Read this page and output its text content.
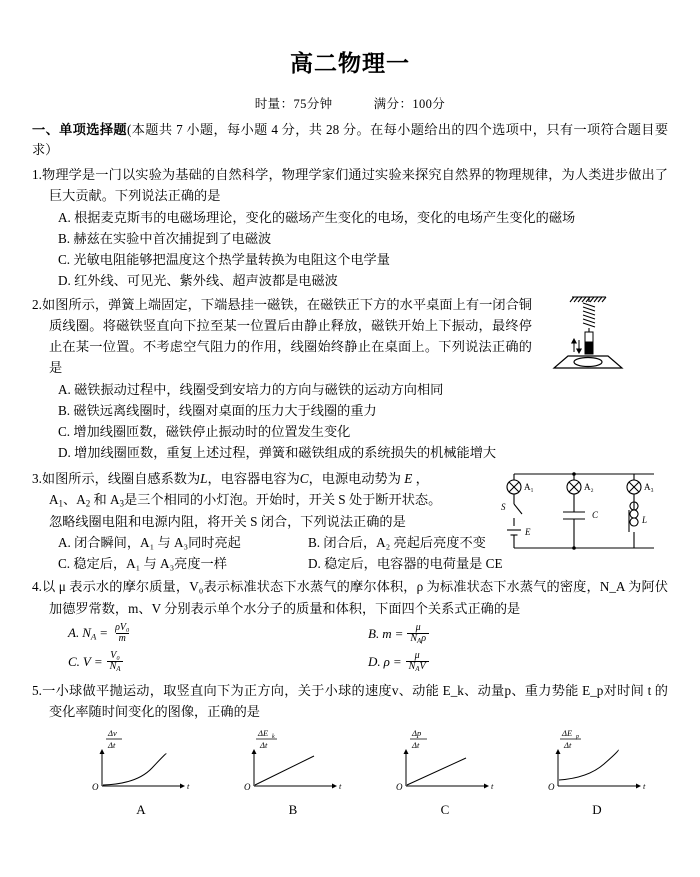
高二物理一
时量：75分钟	满分：100分
一、单项选择题(本题共 7 小题，每小题 4 分，共 28 分。在每小题给出的四个选项中，只有一项符合题目要求）
1.物理学是一门以实验为基础的自然科学，物理学家们通过实验来探究自然界的物理规律，为人类进步做出了巨大贡献。下列说法正确的是
A. 根据麦克斯韦的电磁场理论，变化的磁场产生变化的电场，变化的电场产生变化的磁场
B. 赫兹在实验中首次捕捉到了电磁波
C. 光敏电阻能够把温度这个热学量转换为电阻这个电学量
D. 红外线、可见光、紫外线、超声波都是电磁波
2.如图所示，弹簧上端固定，下端悬挂一磁铁，在磁铁正下方的水平桌面上有一闭合铜质线圈。将磁铁竖直向下拉至某一位置后由静止释放，磁铁开始上下振动，最终停止在某一位置。不考虑空气阻力的作用，线圈始终静止在桌面上。下列说法正确的是
A. 磁铁振动过程中，线圈受到安培力的方向与磁铁的运动方向相同
B. 磁铁远离线圈时，线圈对桌面的压力大于线圈的重力
C. 增加线圈匝数，磁铁停止振动时的位置发生变化
D. 增加线圈匝数，重复上述过程，弹簧和磁铁组成的系统损失的机械能增大
A₁	A₂	A₃
C	L
S
E
3.如图所示，线圈自感系数为L，电容器电容为C，电源电动势为 E ，
$A_1$、$A_2$ 和 $A_3$是三个相同的小灯泡。开始时，开关 S 处于断开状态。
忽略线圈电阻和电源内阻，将开关 S 闭合，下列说法正确的是
A. 闭合瞬间，A₁ 与 A₃同时亮起	B. 闭合后，A₂ 亮起后亮度不变
C. 稳定后，A₁ 与 A₃亮度一样	D. 稳定后，电容器的电荷量是 CE
4.以 μ 表示水的摩尔质量，V₀表示标准状态下水蒸气的摩尔体积，ρ 为标准状态下水蒸气的密度，N_A 为阿伏加德罗常数，m、V 分别表示单个水分子的质量和体积，下面四个关系式正确的是
A. $N_A = \frac{\text{ρV₀}}{m}$	B. $m = \frac{\mu}{N_A\rho}$
C. $V = \frac{\text{V₀}}{N_A}$	D. $\rho = \frac{\mu}{N_AV}$
5.一小球做平抛运动，取竖直向下为正方向，关于小球的速度v、动能 E_k、动量p、重力势能 E_p对时间 t 的变化率随时间变化的图像，正确的是
Δv
Δt
O	t
A
ΔE k
Δt
O	t
B
Δp
Δt
O	t
C
ΔE p
Δt
O	t
D
